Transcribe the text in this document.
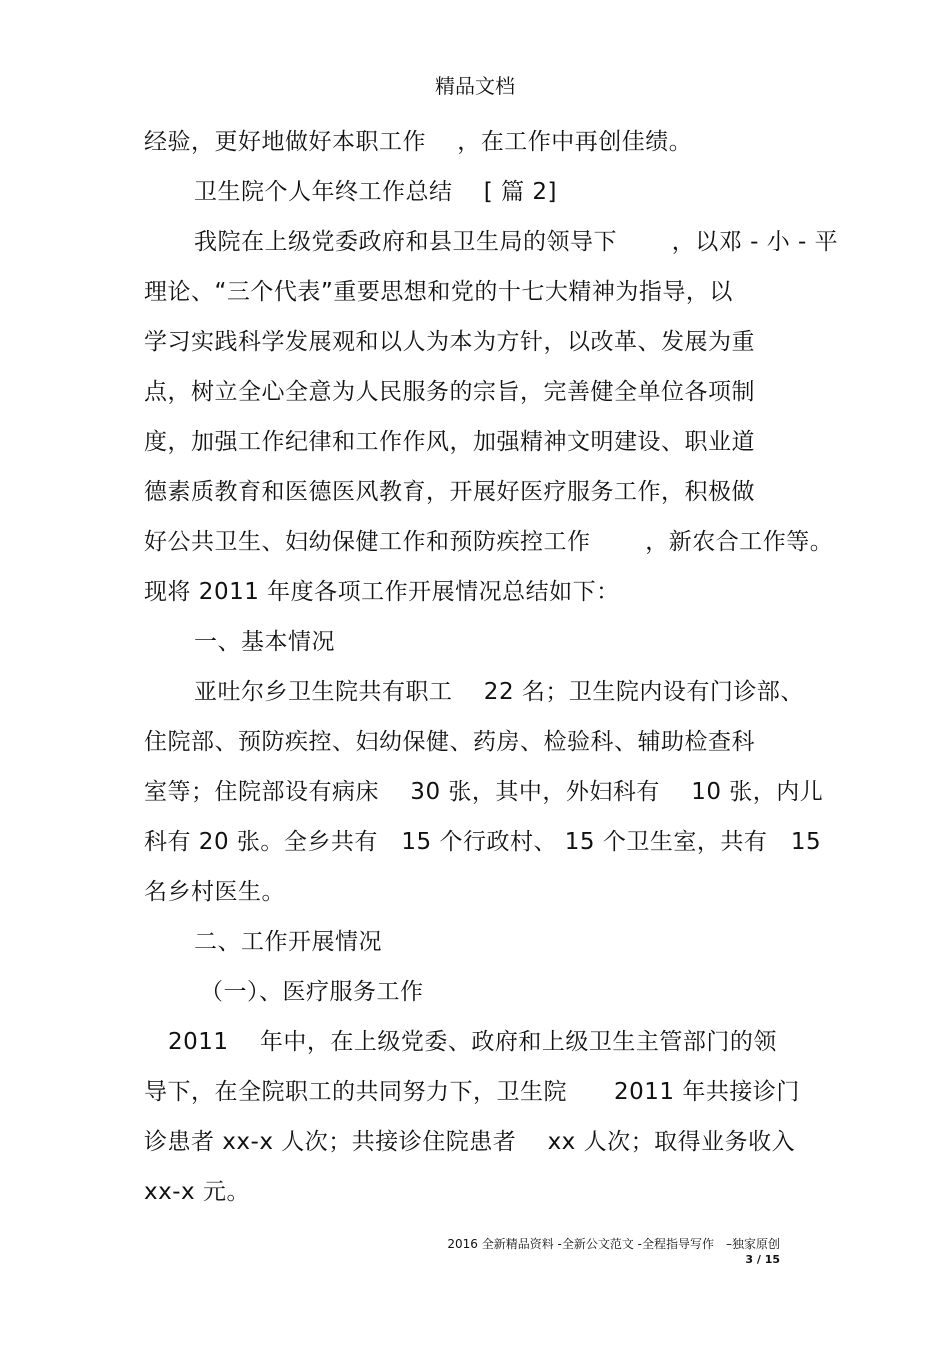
精品文档
经验，更好地做好本职工作　 ，在工作中再创佳绩。
卫生院个人年终工作总结　 [ 篇 2]
我院在上级党委政府和县卫生局的领导下　　 ，以邓 - 小 - 平
理论、“三个代表”重要思想和党的十七大精神为指导，以
学习实践科学发展观和以人为本为方针，以改革、发展为重
点，树立全心全意为人民服务的宗旨，完善健全单位各项制
度，加强工作纪律和工作作风，加强精神文明建设、职业道
德素质教育和医德医风教育，开展好医疗服务工作，积极做
好公共卫生、妇幼保健工作和预防疾控工作　　 ，新农合工作等。
现将 2011 年度各项工作开展情况总结如下：
一、基本情况
亚吐尔乡卫生院共有职工　 22 名；卫生院内设有门诊部、
住院部、预防疾控、妇幼保健、药房、检验科、辅助检查科
室等；住院部设有病床　 30 张，其中，外妇科有　 10 张，内儿
科有 20 张。全乡共有　15 个行政村、 15 个卫生室，共有　15
名乡村医生。
二、工作开展情况
（一）、医疗服务工作
2011　 年中，在上级党委、政府和上级卫生主管部门的领
导下，在全院职工的共同努力下，卫生院　　2011 年共接诊门
诊患者 xx-x 人次；共接诊住院患者　 xx 人次；取得业务收入
xx-x 元。
2016 全新精品资料 -全新公文范文 -全程指导写作　–独家原创
3 / 15
